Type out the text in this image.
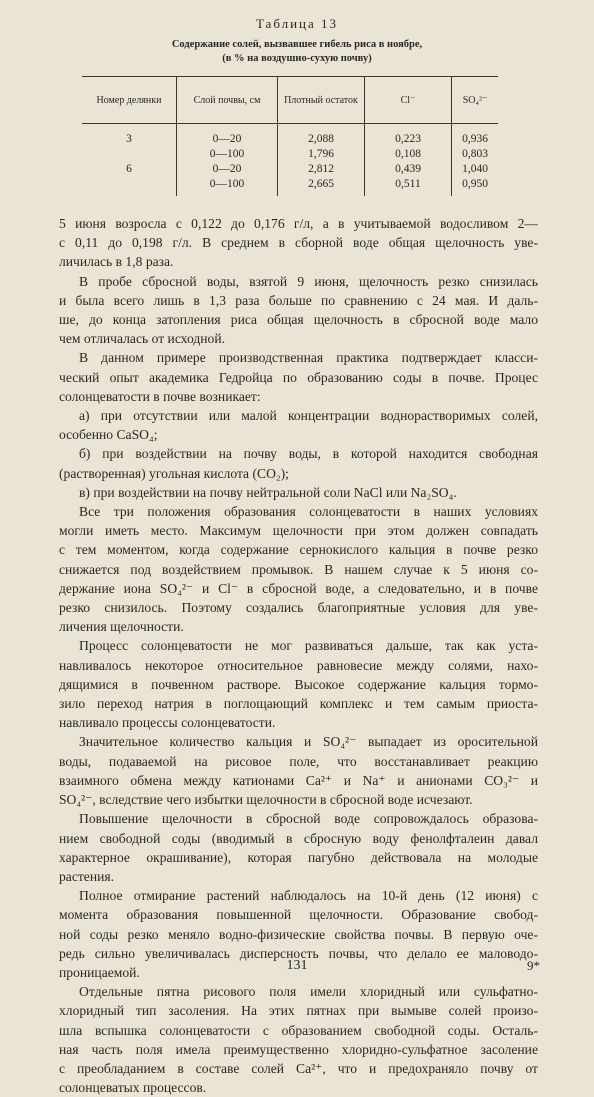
Таблица 13
Содержание солей, вызвавшее гибель риса в ноябре,
(в % на воздушно-сухую почву)
Номер делянки	Слой почвы, см	Плотный остаток	Cl⁻	SO₄²⁻
3	0—20	2,088	0,223	0,936
	0—100	1,796	0,108	0,803
6	0—20	2,812	0,439	1,040
	0—100	2,665	0,511	0,950
5 июня возросла с 0,122 до 0,176 г/л, а в учитываемой водосливом 2—
с 0,11 до 0,198 г/л. В среднем в сборной воде общая щелочность уве-
личилась в 1,8 раза.
В пробе сбросной воды, взятой 9 июня, щелочность резко снизилась
и была всего лишь в 1,3 раза больше по сравнению с 24 мая. И даль-
ше, до конца затопления риса общая щелочность в сбросной воде мало
чем отличалась от исходной.
В данном примере производственная практика подтверждает класси-
ческий опыт академика Гедройца по образованию соды в почве. Процес
солонцеватости в почве возникает:
а) при отсутствии или малой концентрации воднорастворимых солей,
особенно CaSO₄;
б) при воздействии на почву воды, в которой находится свободная
(растворенная) угольная кислота (CO₂);
в) при воздействии на почву нейтральной соли NaCl или Na₂SO₄.
Все три положения образования солонцеватости в наших условиях
могли иметь место. Максимум щелочности при этом должен совпадать
с тем моментом, когда содержание сернокислого кальция в почве резко
снижается под воздействием промывок. В нашем случае к 5 июня со-
держание иона SO₄²⁻ и Cl⁻ в сбросной воде, а следовательно, и в почве
резко снизилось. Поэтому создались благоприятные условия для уве-
личения щелочности.
Процесс солонцеватости не мог развиваться дальше, так как уста-
навливалось некоторое относительное равновесие между солями, нахо-
дящимися в почвенном растворе. Высокое содержание кальция тормо-
зило переход натрия в поглощающий комплекс и тем самым приоста-
навливало процессы солонцеватости.
Значительное количество кальция и SO₄²⁻ выпадает из оросительной
воды, подаваемой на рисовое поле, что восстанавливает реакцию
взаимного обмена между катионами Ca²⁺ и Na⁺ и анионами CO₃²⁻ и
SO₄²⁻, вследствие чего избытки щелочности в сбросной воде исчезают.
Повышение щелочности в сбросной воде сопровождалось образова-
нием свободной соды (вводимый в сбросную воду фенолфталеин давал
характерное окрашивание), которая пагубно действовала на молодые
растения.
Полное отмирание растений наблюдалось на 10-й день (12 июня) с
момента образования повышенной щелочности. Образование свобод-
ной соды резко меняло водно-физические свойства почвы. В первую оче-
редь сильно увеличивалась дисперсность почвы, что делало ее маловодо-
проницаемой.
Отдельные пятна рисового поля имели хлоридный или сульфатно-
хлоридный тип засоления. На этих пятнах при вымыве солей произо-
шла вспышка солонцеватости с образованием свободной соды. Осталь-
ная часть поля имела преимущественно хлоридно-сульфатное засоление
с преобладанием в составе солей Ca²⁺, что и предохраняло почву от
солонцеватых процессов.
131	9*
